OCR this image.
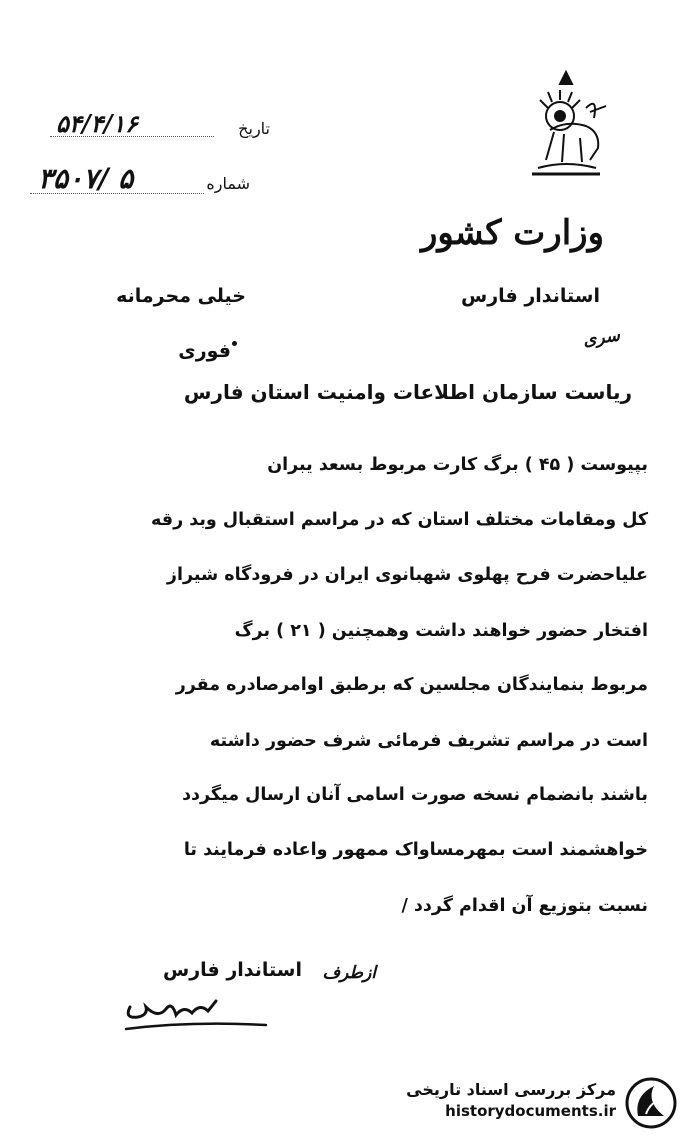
وزارت کشور
استاندار فارس
تاریخ
۵۴/۴/۱۶
شماره
۳۵۰۷/ ۵
خیلی محرمانه
فوری
سری
ریاست سازمان اطلاعات وامنیت استان فارس
بپیوست ( ۴۵ ) برگ کارت مربوط بسعد یبران
کل ومقامات مختلف استان که در مراسم استقبال وبد رقه
علیاحضرت فرح پهلوی شهبانوی ایران در فرودگاه شیراز
افتخار حضور خواهند داشت وهمچنین ( ۲۱ ) برگ
مربوط بنمایندگان مجلسین که برطبق اوامرصادره مقرر
است در مراسم تشریف فرمائی شرف حضور داشته
باشند بانضمام نسخه صورت اسامی آنان ارسال میگردد
خواهشمند است بمهرمساواک ممهور واعاده فرمایند تا
نسبت بتوزیع آن اقدام گردد /
استاندار فارس ازطرف
مرکز بررسی اسناد تاریخی
historydocuments.ir
